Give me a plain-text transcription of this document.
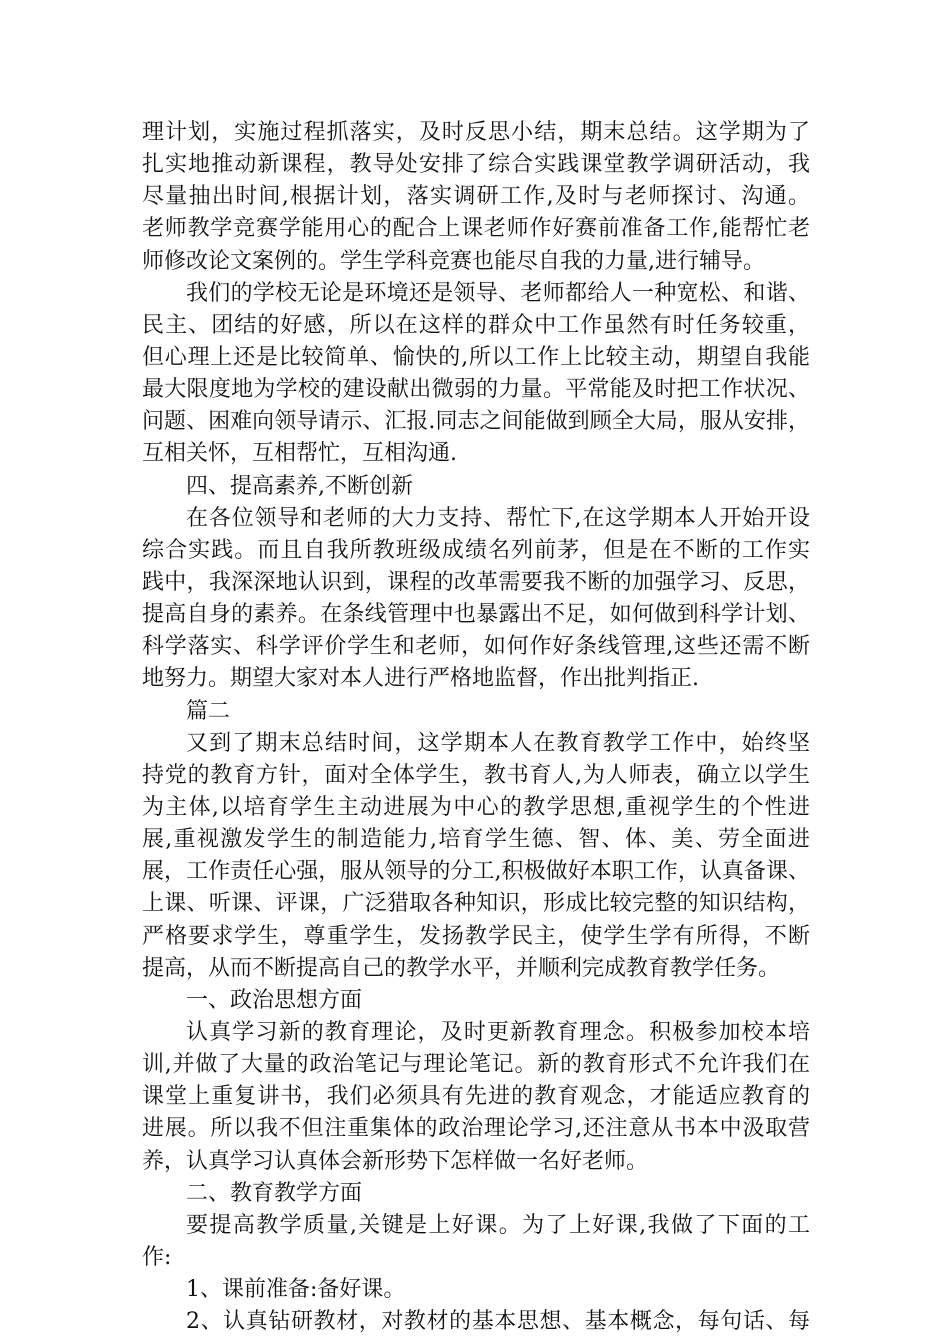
理计划，实施过程抓落实，及时反思小结，期末总结。这学期为了
扎实地推动新课程，教导处安排了综合实践课堂教学调研活动，我
尽量抽出时间,根据计划，落实调研工作,及时与老师探讨、沟通。
老师教学竞赛学能用心的配合上课老师作好赛前准备工作,能帮忙老
师修改论文案例的。学生学科竞赛也能尽自我的力量,进行辅导。
我们的学校无论是环境还是领导、老师都给人一种宽松、和谐、
民主、团结的好感，所以在这样的群众中工作虽然有时任务较重，
但心理上还是比较简单、愉快的,所以工作上比较主动，期望自我能
最大限度地为学校的建设献出微弱的力量。平常能及时把工作状况、
问题、困难向领导请示、汇报.同志之间能做到顾全大局，服从安排，
互相关怀，互相帮忙，互相沟通.
四、提高素养,不断创新
在各位领导和老师的大力支持、帮忙下,在这学期本人开始开设
综合实践。而且自我所教班级成绩名列前茅，但是在不断的工作实
践中，我深深地认识到，课程的改革需要我不断的加强学习、反思，
提高自身的素养。在条线管理中也暴露出不足，如何做到科学计划、
科学落实、科学评价学生和老师，如何作好条线管理,这些还需不断
地努力。期望大家对本人进行严格地监督，作出批判指正.
篇二
又到了期末总结时间，这学期本人在教育教学工作中，始终坚
持党的教育方针，面对全体学生，教书育人,为人师表，确立以学生
为主体,以培育学生主动进展为中心的教学思想,重视学生的个性进
展,重视激发学生的制造能力,培育学生德、智、体、美、劳全面进
展，工作责任心强，服从领导的分工,积极做好本职工作，认真备课、
上课、听课、评课，广泛猎取各种知识，形成比较完整的知识结构，
严格要求学生，尊重学生，发扬教学民主，使学生学有所得，不断
提高，从而不断提高自己的教学水平，并顺利完成教育教学任务。
一、政治思想方面
认真学习新的教育理论，及时更新教育理念。积极参加校本培
训,并做了大量的政治笔记与理论笔记。新的教育形式不允许我们在
课堂上重复讲书，我们必须具有先进的教育观念，才能适应教育的
进展。所以我不但注重集体的政治理论学习,还注意从书本中汲取营
养，认真学习认真体会新形势下怎样做一名好老师。
二、教育教学方面
要提高教学质量,关键是上好课。为了上好课,我做了下面的工
作:
1、课前准备:备好课。
2、认真钻研教材，对教材的基本思想、基本概念，每句话、每
